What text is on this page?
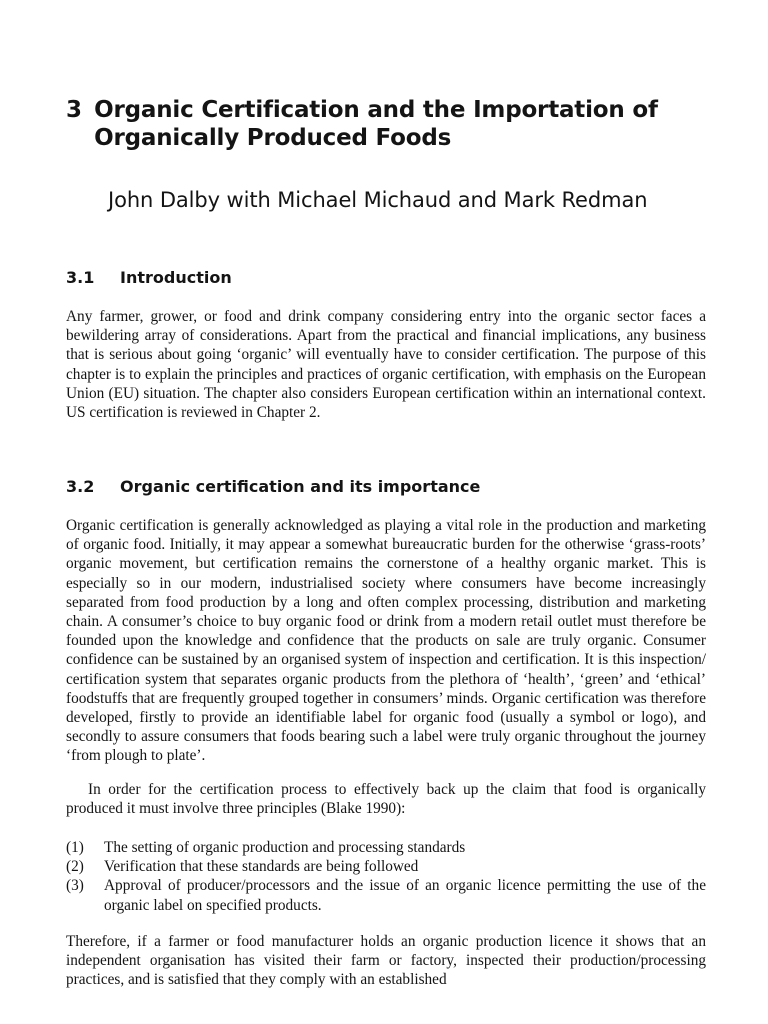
3 Organic Certification and the Importation of Organically Produced Foods
John Dalby with Michael Michaud and Mark Redman
3.1	Introduction

Any farmer, grower, or food and drink company considering entry into the organic sector faces a bewildering array of considerations. Apart from the practical and financial implications, any business that is serious about going ‘organic’ will eventually have to consider certification. The purpose of this chapter is to explain the principles and practices of organic certification, with emphasis on the European Union (EU) situation. The chapter also considers European certification within an international context. US certification is reviewed in Chapter 2.

3.2	Organic certification and its importance

Organic certification is generally acknowledged as playing a vital role in the production and marketing of organic food. Initially, it may appear a somewhat bureaucratic burden for the otherwise ‘grass-roots’ organic movement, but certification remains the cornerstone of a healthy organic market. This is especially so in our modern, industrialised society where consumers have become increasingly separated from food production by a long and often complex processing, distribution and marketing chain. A consumer’s choice to buy organic food or drink from a modern retail outlet must therefore be founded upon the knowledge and confidence that the products on sale are truly organic. Consumer confidence can be sustained by an organised system of inspection and certification. It is this inspection/ certification system that separates organic products from the plethora of ‘health’, ‘green’ and ‘ethical’ foodstuffs that are frequently grouped together in consumers’ minds. Organic certification was therefore developed, firstly to provide an identifiable label for organic food (usually a symbol or logo), and secondly to assure consumers that foods bearing such a label were truly organic throughout the journey ‘from plough to plate’.

In order for the certification process to effectively back up the claim that food is organically produced it must involve three principles (Blake 1990):

(1)	The setting of organic production and processing standards
(2)	Verification that these standards are being followed
(3)	Approval of producer/processors and the issue of an organic licence permitting the use of the organic label on specified products.

Therefore, if a farmer or food manufacturer holds an organic production licence it shows that an independent organisation has visited their farm or factory, inspected their production/processing practices, and is satisfied that they comply with an established
